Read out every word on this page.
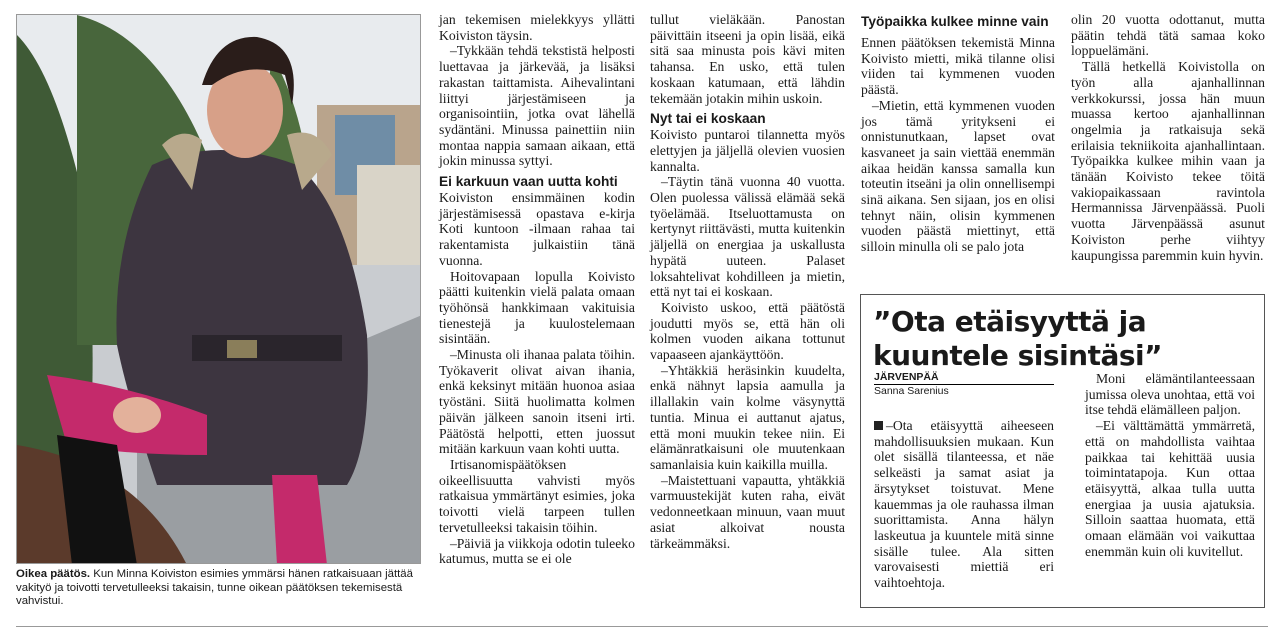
Oikea päätös. Kun Minna Koiviston esimies ymmärsi hänen ratkaisuaan jättää vakityö ja toivotti tervetulleeksi takaisin, tunne oikean päätöksen tekemisestä vahvistui.

jan tekemisen mielekkyys yllätti Koiviston täysin.

–Tykkään tehdä tekstistä helposti luettavaa ja järkevää, ja lisäksi rakastan taittamista. Aihevalintani liittyi järjestämiseen ja organisointiin, jotka ovat lähellä sydäntäni. Minussa painettiin niin montaa nappia samaan aikaan, että jokin minussa syttyi.

Ei karkuun vaan uutta kohti

Koiviston ensimmäinen kodin järjestämisessä opastava e-kirja Koti kuntoon -ilmaan rahaa tai rakentamista julkaistiin tänä vuonna.

Hoitovapaan lopulla Koivisto päätti kuitenkin vielä palata omaan työhönsä hankkimaan vakituisia tienestejä ja kuulostelemaan sisintään.

–Minusta oli ihanaa palata töihin. Työkaverit olivat aivan ihania, enkä keksinyt mitään huonoa asiaa työstäni. Siitä huolimatta kolmen päivän jälkeen sanoin itseni irti. Päätöstä helpotti, etten juossut mitään karkuun vaan kohti uutta.

Irtisanomispäätöksen oikeellisuutta vahvisti myös ratkaisua ymmärtänyt esimies, joka toivotti vielä tarpeen tullen tervetulleeksi takaisin töihin.

–Päiviä ja viikkoja odotin tuleeko katumus, mutta se ei ole

tullut vieläkään. Panostan päivittäin itseeni ja opin lisää, eikä sitä saa minusta pois kävi miten tahansa. En usko, että tulen koskaan katumaan, että lähdin tekemään jotakin mihin uskoin.

Nyt tai ei koskaan

Koivisto puntaroi tilannetta myös elettyjen ja jäljellä olevien vuosien kannalta.

–Täytin tänä vuonna 40 vuotta. Olen puolessa välissä elämää sekä työelämää. Itseluottamusta on kertynyt riittävästi, mutta kuitenkin jäljellä on energiaa ja uskallusta hypätä uuteen. Palaset loksahtelivat kohdilleen ja mietin, että nyt tai ei koskaan.

Koivisto uskoo, että päätöstä joudutti myös se, että hän oli kolmen vuoden aikana tottunut vapaaseen ajankäyttöön.

–Yhtäkkiä heräsinkin kuudelta, enkä nähnyt lapsia aamulla ja illallakin vain kolme väsynyttä tuntia. Minua ei auttanut ajatus, että moni muukin tekee niin. Ei elämänratkaisuni ole muutenkaan samanlaisia kuin kaikilla muilla.

–Maistettuani vapautta, yhtäkkiä varmuustekijät kuten raha, eivät vedonneetkaan minuun, vaan muut asiat alkoivat nousta tärkeämmäksi.

Työpaikka kulkee minne vain

Ennen päätöksen tekemistä Minna Koivisto mietti, mikä tilanne olisi viiden tai kymmenen vuoden päästä.

–Mietin, että kymmenen vuoden jos tämä yritykseni ei onnistunutkaan, lapset ovat kasvaneet ja sain viettää enemmän aikaa heidän kanssa samalla kun toteutin itseäni ja olin onnellisempi sinä aikana. Sen sijaan, jos en olisi tehnyt näin, olisin kymmenen vuoden päästä miettinyt, että silloin minulla oli se palo jota

olin 20 vuotta odottanut, mutta päätin tehdä tätä samaa koko loppuelämäni.

Tällä hetkellä Koivistolla on työn alla ajanhallinnan verkkokurssi, jossa hän muun muassa kertoo ajanhallinnan ongelmia ja ratkaisuja sekä erilaisia tekniikoita ajanhallintaan. Työpaikka kulkee mihin vaan ja tänään Koivisto tekee töitä vakiopaikassaan ravintola Hermannissa Järvenpäässä. Puoli vuotta Järvenpäässä asunut Koiviston perhe viihtyy kaupungissa paremmin kuin hyvin.

”Ota etäisyyttä ja kuuntele sisintäsi”
JÄRVENPÄÄ
Sanna Sarenius

–Ota etäisyyttä aiheeseen mahdollisuuksien mukaan. Kun olet sisällä tilanteessa, et näe selkeästi ja samat asiat ja ärsytykset toistuvat. Mene kauemmas ja ole rauhassa ilman suorittamista. Anna hälyn laskeutua ja kuuntele mitä sinne sisälle tulee. Ala sitten varovaisesti miettiä eri vaihtoehtoja.

Moni elämäntilanteessaan jumissa oleva unohtaa, että voi itse tehdä elämälleen paljon.

–Ei välttämättä ymmärretä, että on mahdollista vaihtaa paikkaa tai kehittää uusia toimintatapoja. Kun ottaa etäisyyttä, alkaa tulla uutta energiaa ja uusia ajatuksia. Silloin saattaa huomata, että omaan elämään voi vaikuttaa enemmän kuin oli kuvitellut.
